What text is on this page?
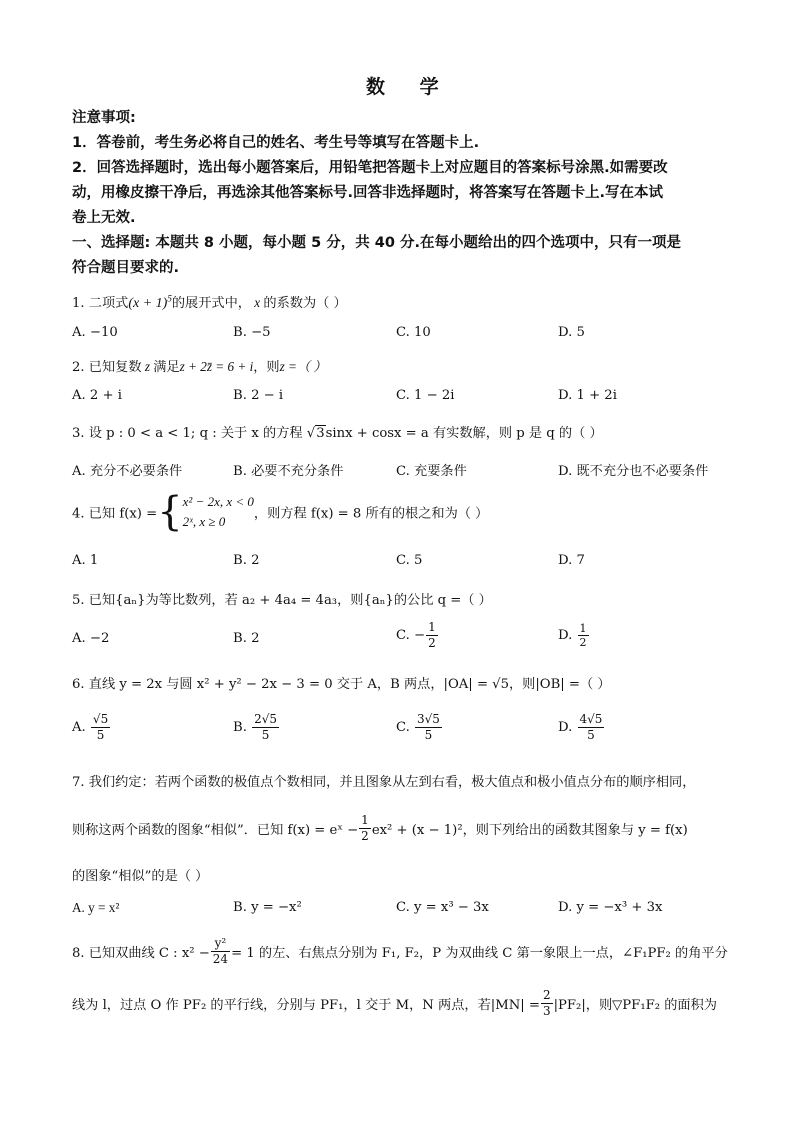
数 学
注意事项:
1．答卷前，考生务必将自己的姓名、考生号等填写在答题卡上.
2．回答选择题时，选出每小题答案后，用铅笔把答题卡上对应题目的答案标号涂黑.如需要改
动，用橡皮擦干净后，再选涂其他答案标号.回答非选择题时，将答案写在答题卡上.写在本试
卷上无效.
一、选择题: 本题共 8 小题，每小题 5 分，共 40 分.在每小题给出的四个选项中，只有一项是
符合题目要求的.
1. 二项式$(x + 1)^5$的展开式中， x 的系数为（ ）
A. −10	B. −5	C. 10	D. 5
2. 已知复数 z 满足z + 2z̄ = 6 + i，则z =（ ）
A. 2 + i	B. 2 − i	C. 1 − 2i	D. 1 + 2i
3. 设 p : 0 < a < 1; q : 关于 x 的方程 √3sinx + cosx = a 有实数解，则 p 是 q 的（ ）
A. 充分不必要条件	B. 必要不充分条件	C. 充要条件	D. 既不充分也不必要条件
4. 已知 f(x) ={ x² − 2x, x < 0
2ˣ, x ≥ 0	，则方程 f(x) = 8 所有的根之和为（ ）
A. 1	B. 2	C. 5	D. 7
5. 已知{aₙ}为等比数列，若 a₂ + 4a₄ = 4a₃，则{aₙ}的公比 q =（ ）
A. −2	B. 2	C. − $\frac{1}{2}$	D. $\frac{1}{2}$
6. 直线 y = 2x 与圆 x² + y² − 2x − 3 = 0 交于 A，B 两点，|OA| = √5，则|OB| =（ ）
A. $\frac{√5}{5}$	B. $\frac{2√5}{5}$	C. $\frac{3√5}{5}$	D. $\frac{4√5}{5}$
7. 我们约定：若两个函数的极值点个数相同，并且图象从左到右看，极大值点和极小值点分布的顺序相同，
则称这两个函数的图象“相似”．已知 f(x) = eˣ − $\frac{1}{2} ex^2 + (x - 1)^2$，则下列给出的函数其图象与 y = f(x)
的图象“相似”的是（ ）
A. y = x²	B. y = −x²	C. y = x³ − 3x	D. y = −x³ + 3x
8. 已知双曲线 C : $x^2 - \frac{\text{y²}}{24} = 1$ 的左、右焦点分别为 F₁, F₂，P 为双曲线 C 第一象限上一点，∠F₁PF₂ 的角平分
线为 l，过点 O 作 PF₂ 的平行线，分别与 PF₁，l 交于 M，N 两点，若$|MN| = \frac{2}{3} |PF_2|$，则▽PF₁F₂ 的面积为
